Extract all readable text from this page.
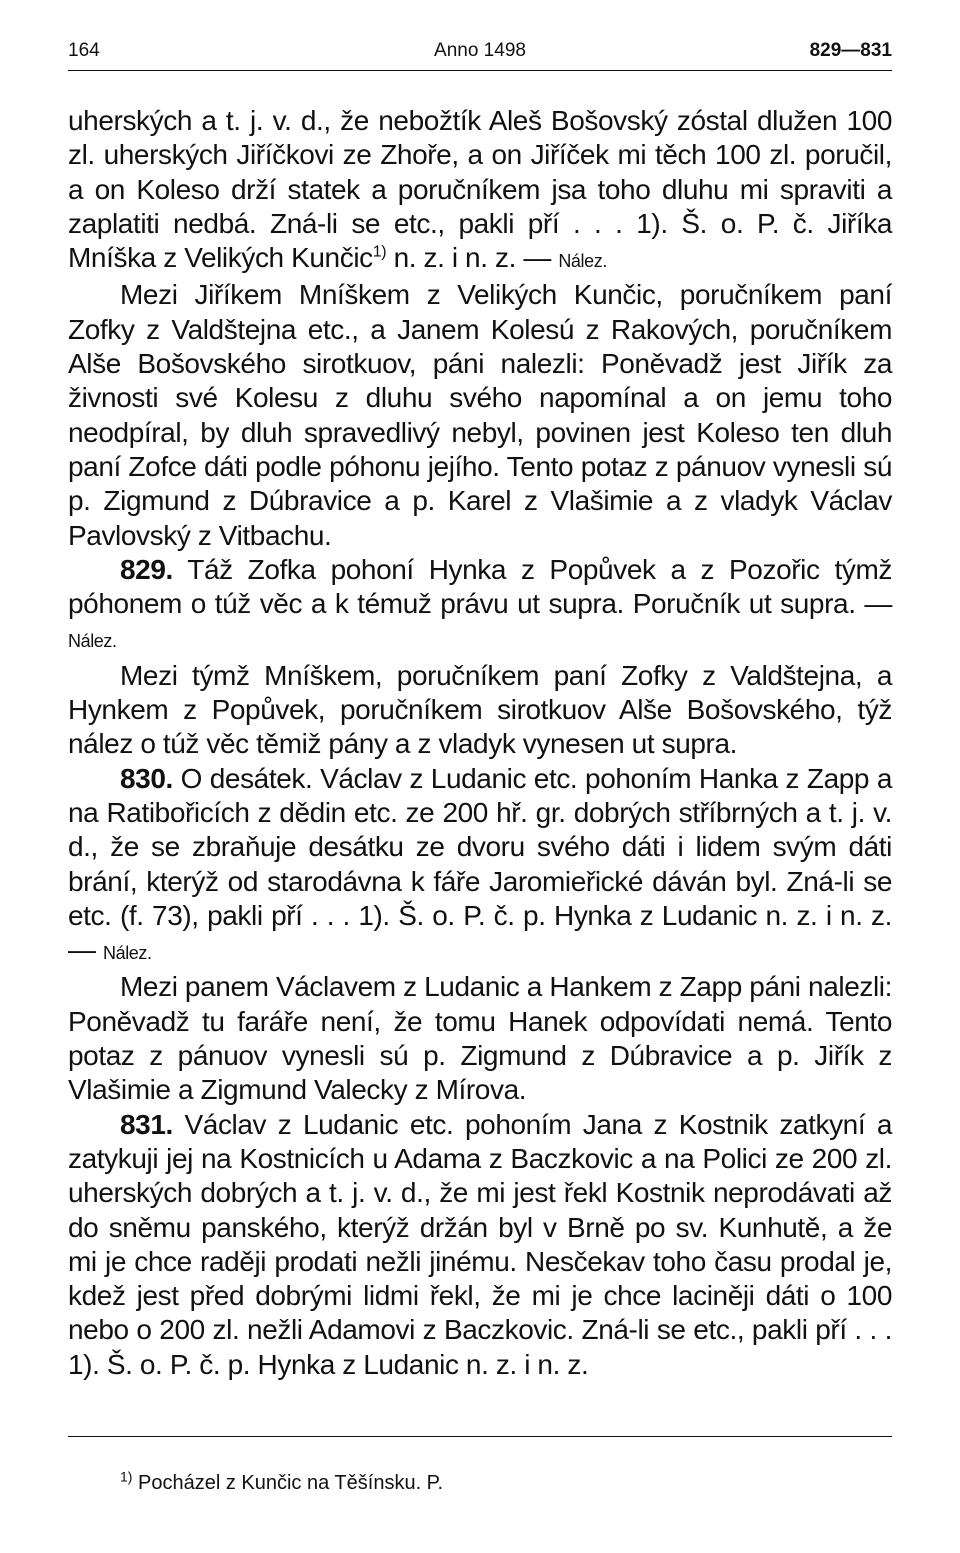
164	Anno 1498	829—831

uherských a t. j. v. d., že nebožtík Aleš Bošovský zóstal dlužen 100 zl. uherských Jiříčkovi ze Zhoře, a on Jiříček mi těch 100 zl. poručil, a on Koleso drží statek a poručníkem jsa toho dluhu mi spraviti a zaplatiti nedbá. Zná-li se etc., pakli pří . . . 1). Š. o. P. č. Jiříka Mníška z Velikých Kunčic$^{1)}$ n. z. i n. z. — Nález.

Mezi Jiříkem Mníškem z Velikých Kunčic, poručníkem paní Zofky z Valdštejna etc., a Janem Kolesú z Rakových, poručníkem Alše Bošovského sirotkuov, páni nalezli: Poněvadž jest Jiřík za živnosti své Kolesu z dluhu svého napomínal a on jemu toho neodpíral, by dluh spravedlivý nebyl, povinen jest Koleso ten dluh paní Zofce dáti podle póhonu jejího. Tento potaz z pánuov vynesli sú p. Zigmund z Dúbravice a p. Karel z Vlašimie a z vladyk Václav Pavlovský z Vitbachu.

829. Táž Zofka pohoní Hynka z Popůvek a z Pozořic týmž póhonem o túž věc a k témuž právu ut supra. Poručník ut supra. — Nález.

Mezi týmž Mníškem, poručníkem paní Zofky z Valdštejna, a Hynkem z Popůvek, poručníkem sirotkuov Alše Bošovského, týž nález o túž věc těmiž pány a z vladyk vynesen ut supra.

830. O desátek. Václav z Ludanic etc. pohoním Hanka z Zapp a na Ratibořicích z dědin etc. ze 200 hř. gr. dobrých stříbrných a t. j. v. d., že se zbraňuje desátku ze dvoru svého dáti i lidem svým dáti brání, kterýž od starodávna k fáře Jaromieřické dáván byl. Zná-li se etc. (f. 73), pakli pří . . . 1). Š. o. P. č. p. Hynka z Ludanic n. z. i n. z. — Nález.

Mezi panem Václavem z Ludanic a Hankem z Zapp páni nalezli: Poněvadž tu faráře není, že tomu Hanek odpovídati nemá. Tento potaz z pánuov vynesli sú p. Zigmund z Dúbravice a p. Jiřík z Vlašimie a Zigmund Valecky z Mírova.

831. Václav z Ludanic etc. pohoním Jana z Kostnik zatkyní a zatykuji jej na Kostnicích u Adama z Baczkovic a na Polici ze 200 zl. uherských dobrých a t. j. v. d., že mi jest řekl Kostnik neprodávati až do sněmu panského, kterýž držán byl v Brně po sv. Kunhutě, a že mi je chce raději prodati nežli jinému. Nesčekav toho času prodal je, kdež jest před dobrými lidmi řekl, že mi je chce laciněji dáti o 100 nebo o 200 zl. nežli Adamovi z Baczkovic. Zná-li se etc., pakli pří . . . 1). Š. o. P. č. p. Hynka z Ludanic n. z. i n. z.

$^{1)}$ Pocházel z Kunčic na Těšínsku. P.
